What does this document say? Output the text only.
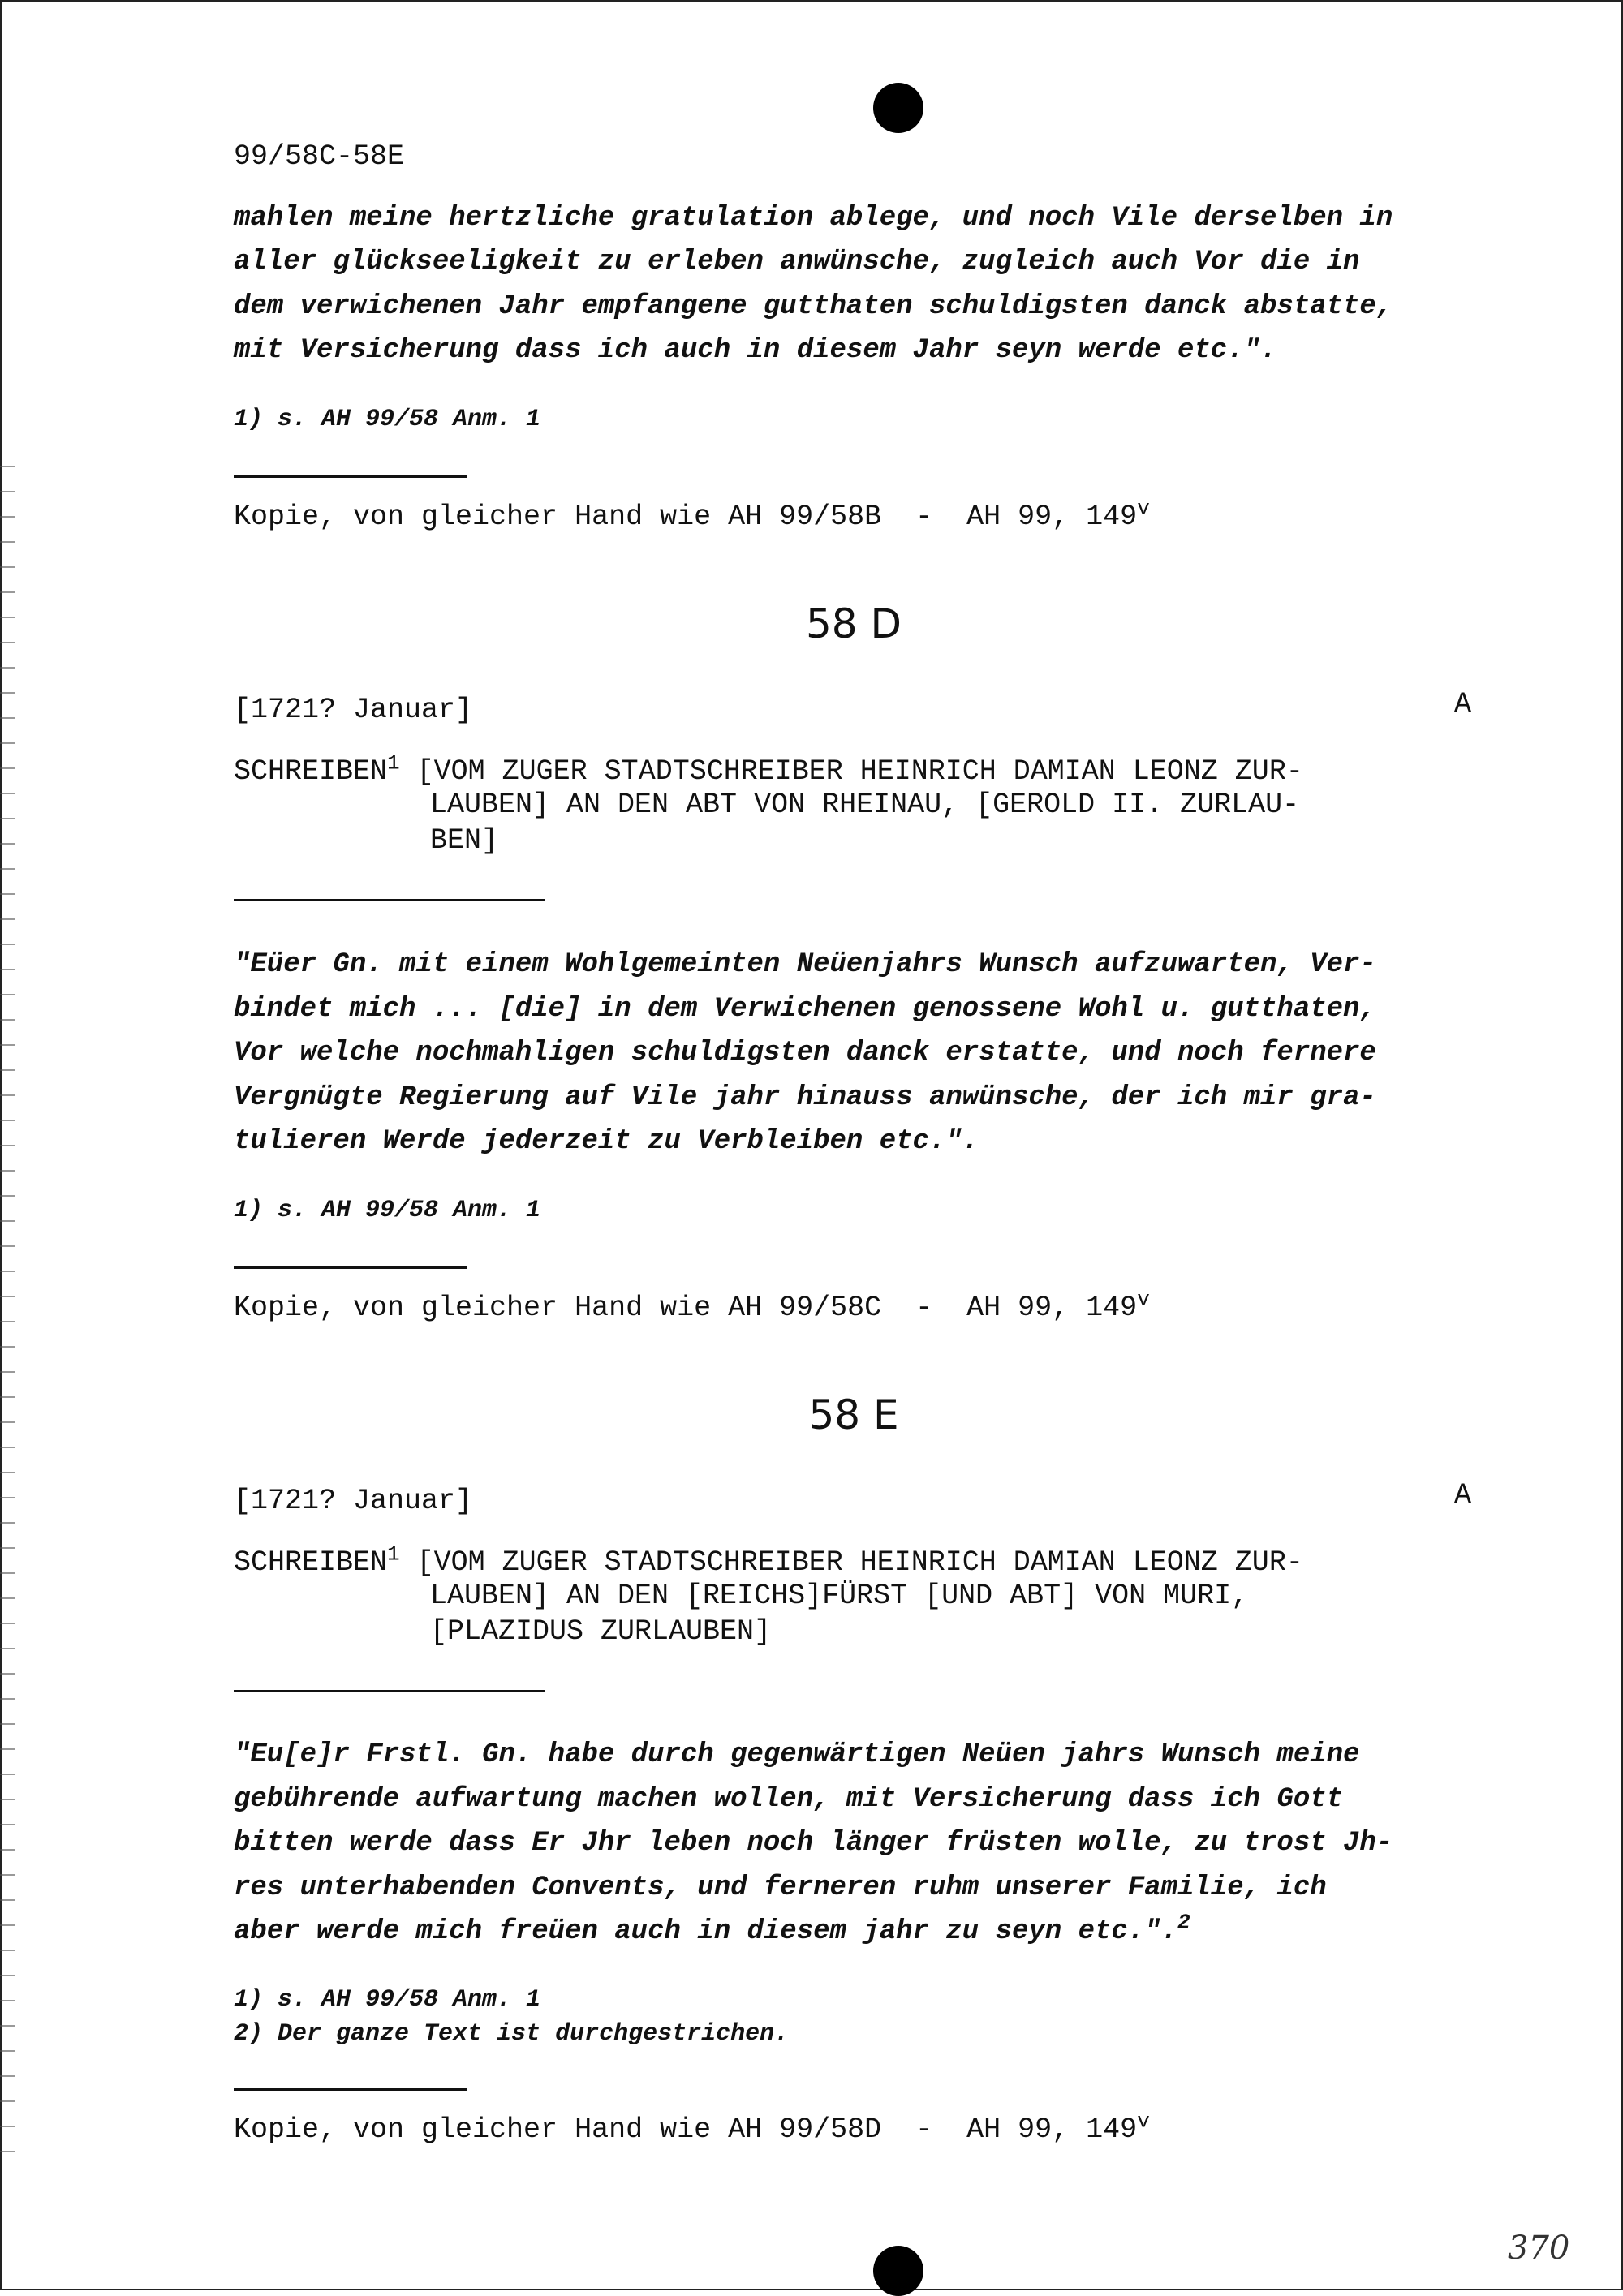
99/58C-58E
mahlen meine hertzliche gratulation ablege, und noch Vile derselben in
aller glückseeligkeit zu erleben anwünsche, zugleich auch Vor die in
dem verwichenen Jahr empfangene gutthaten schuldigsten danck abstatte,
mit Versicherung dass ich auch in diesem Jahr seyn werde etc.".
1) s. AH 99/58 Anm. 1
Kopie, von gleicher Hand wie AH 99/58B  -  AH 99, 149$^v$
58 D
[1721? Januar]	A
SCHREIBEN$^1$ [VOM ZUGER STADTSCHREIBER HEINRICH DAMIAN LEONZ ZUR-
LAUBEN] AN DEN ABT VON RHEINAU, [GEROLD II. ZURLAU-
BEN]
"Eüer Gn. mit einem Wohlgemeinten Neüenjahrs Wunsch aufzuwarten, Ver-
bindet mich ... [die] in dem Verwichenen genossene Wohl u. gutthaten,
Vor welche nochmahligen schuldigsten danck erstatte, und noch fernere
Vergnügte Regierung auf Vile jahr hinauss anwünsche, der ich mir gra-
tulieren Werde jederzeit zu Verbleiben etc.".
1) s. AH 99/58 Anm. 1
Kopie, von gleicher Hand wie AH 99/58C  -  AH 99, 149$^v$
58 E
[1721? Januar]	A
SCHREIBEN$^1$ [VOM ZUGER STADTSCHREIBER HEINRICH DAMIAN LEONZ ZUR-
LAUBEN] AN DEN [REICHS]FÜRST [UND ABT] VON MURI,
[PLAZIDUS ZURLAUBEN]
"Eu[e]r Frstl. Gn. habe durch gegenwärtigen Neüen jahrs Wunsch meine
gebührende aufwartung machen wollen, mit Versicherung dass ich Gott
bitten werde dass Er Jhr leben noch länger früsten wolle, zu trost Jh-
res unterhabenden Convents, und ferneren ruhm unserer Familie, ich
aber werde mich freüen auch in diesem jahr zu seyn etc.".$^2$
1) s. AH 99/58 Anm. 1
2) Der ganze Text ist durchgestrichen.
Kopie, von gleicher Hand wie AH 99/58D  -  AH 99, 149$^v$
370
